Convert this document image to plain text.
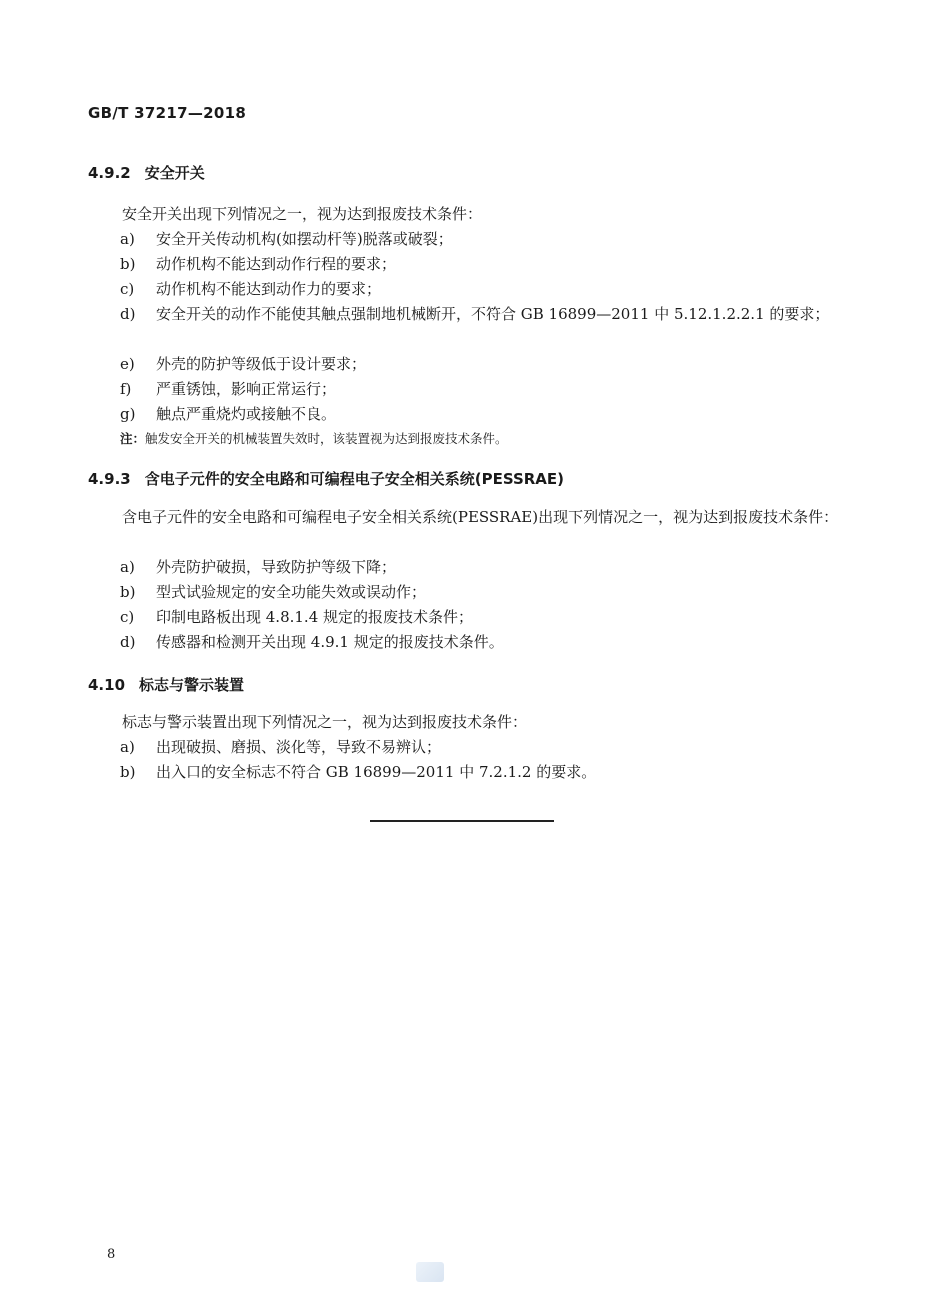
GB/T 37217—2018
4.9.2 安全开关
安全开关出现下列情况之一，视为达到报废技术条件：
a)	安全开关传动机构(如摆动杆等)脱落或破裂；
b)	动作机构不能达到动作行程的要求；
c)	动作机构不能达到动作力的要求；
d)	安全开关的动作不能使其触点强制地机械断开，不符合 GB 16899—2011 中 5.12.1.2.2.1 的要求；
e)	外壳的防护等级低于设计要求；
f)	严重锈蚀，影响正常运行；
g)	触点严重烧灼或接触不良。
注：触发安全开关的机械装置失效时，该装置视为达到报废技术条件。
4.9.3 含电子元件的安全电路和可编程电子安全相关系统(PESSRAE)
含电子元件的安全电路和可编程电子安全相关系统(PESSRAE)出现下列情况之一，视为达到报废技术条件：
a)	外壳防护破损，导致防护等级下降；
b)	型式试验规定的安全功能失效或误动作；
c)	印制电路板出现 4.8.1.4 规定的报废技术条件；
d)	传感器和检测开关出现 4.9.1 规定的报废技术条件。
4.10 标志与警示装置
标志与警示装置出现下列情况之一，视为达到报废技术条件：
a)	出现破损、磨损、淡化等，导致不易辨认；
b)	出入口的安全标志不符合 GB 16899—2011 中 7.2.1.2 的要求。
8
